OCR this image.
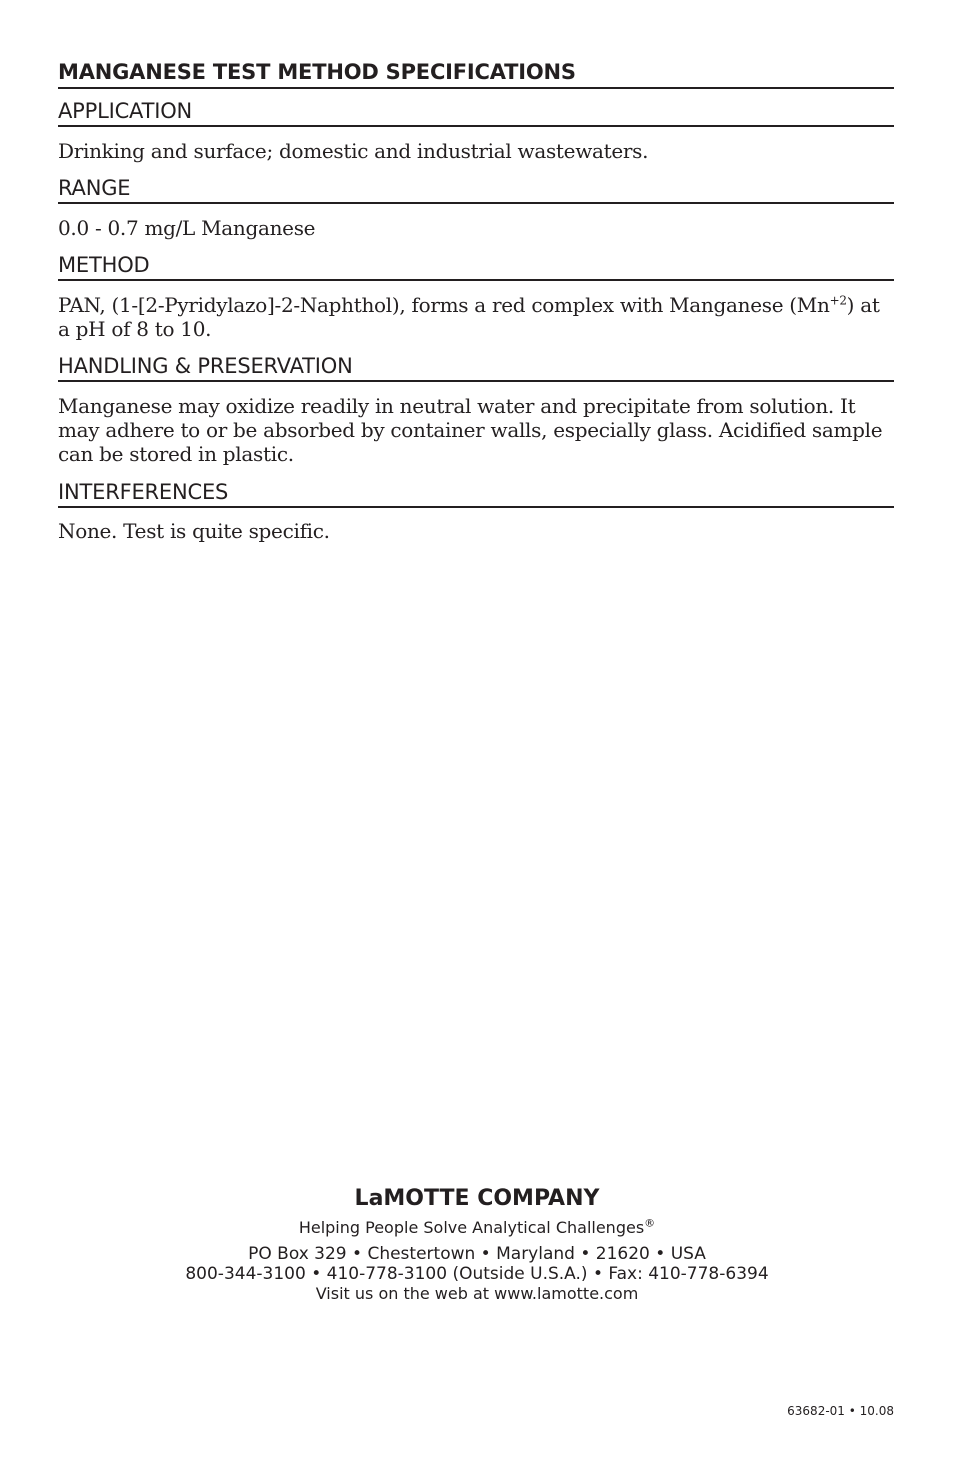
MANGANESE TEST METHOD SPECIFICATIONS
APPLICATION
Drinking and surface; domestic and industrial wastewaters.
RANGE
0.0 - 0.7 mg/L Manganese
METHOD
PAN, (1-[2-Pyridylazo]-2-Naphthol), forms a red complex with Manganese $(Mn^{+2})$ at a pH of 8 to 10.
HANDLING & PRESERVATION
Manganese may oxidize readily in neutral water and precipitate from solution. It may adhere to or be absorbed by container walls, especially glass. Acidified sample can be stored in plastic.
INTERFERENCES
None. Test is quite specific.
LaMOTTE COMPANY
Helping People Solve Analytical Challenges®
PO Box 329 • Chestertown • Maryland • 21620 • USA
800-344-3100 • 410-778-3100 (Outside U.S.A.) • Fax: 410-778-6394
Visit us on the web at www.lamotte.com
63682-01 • 10.08
